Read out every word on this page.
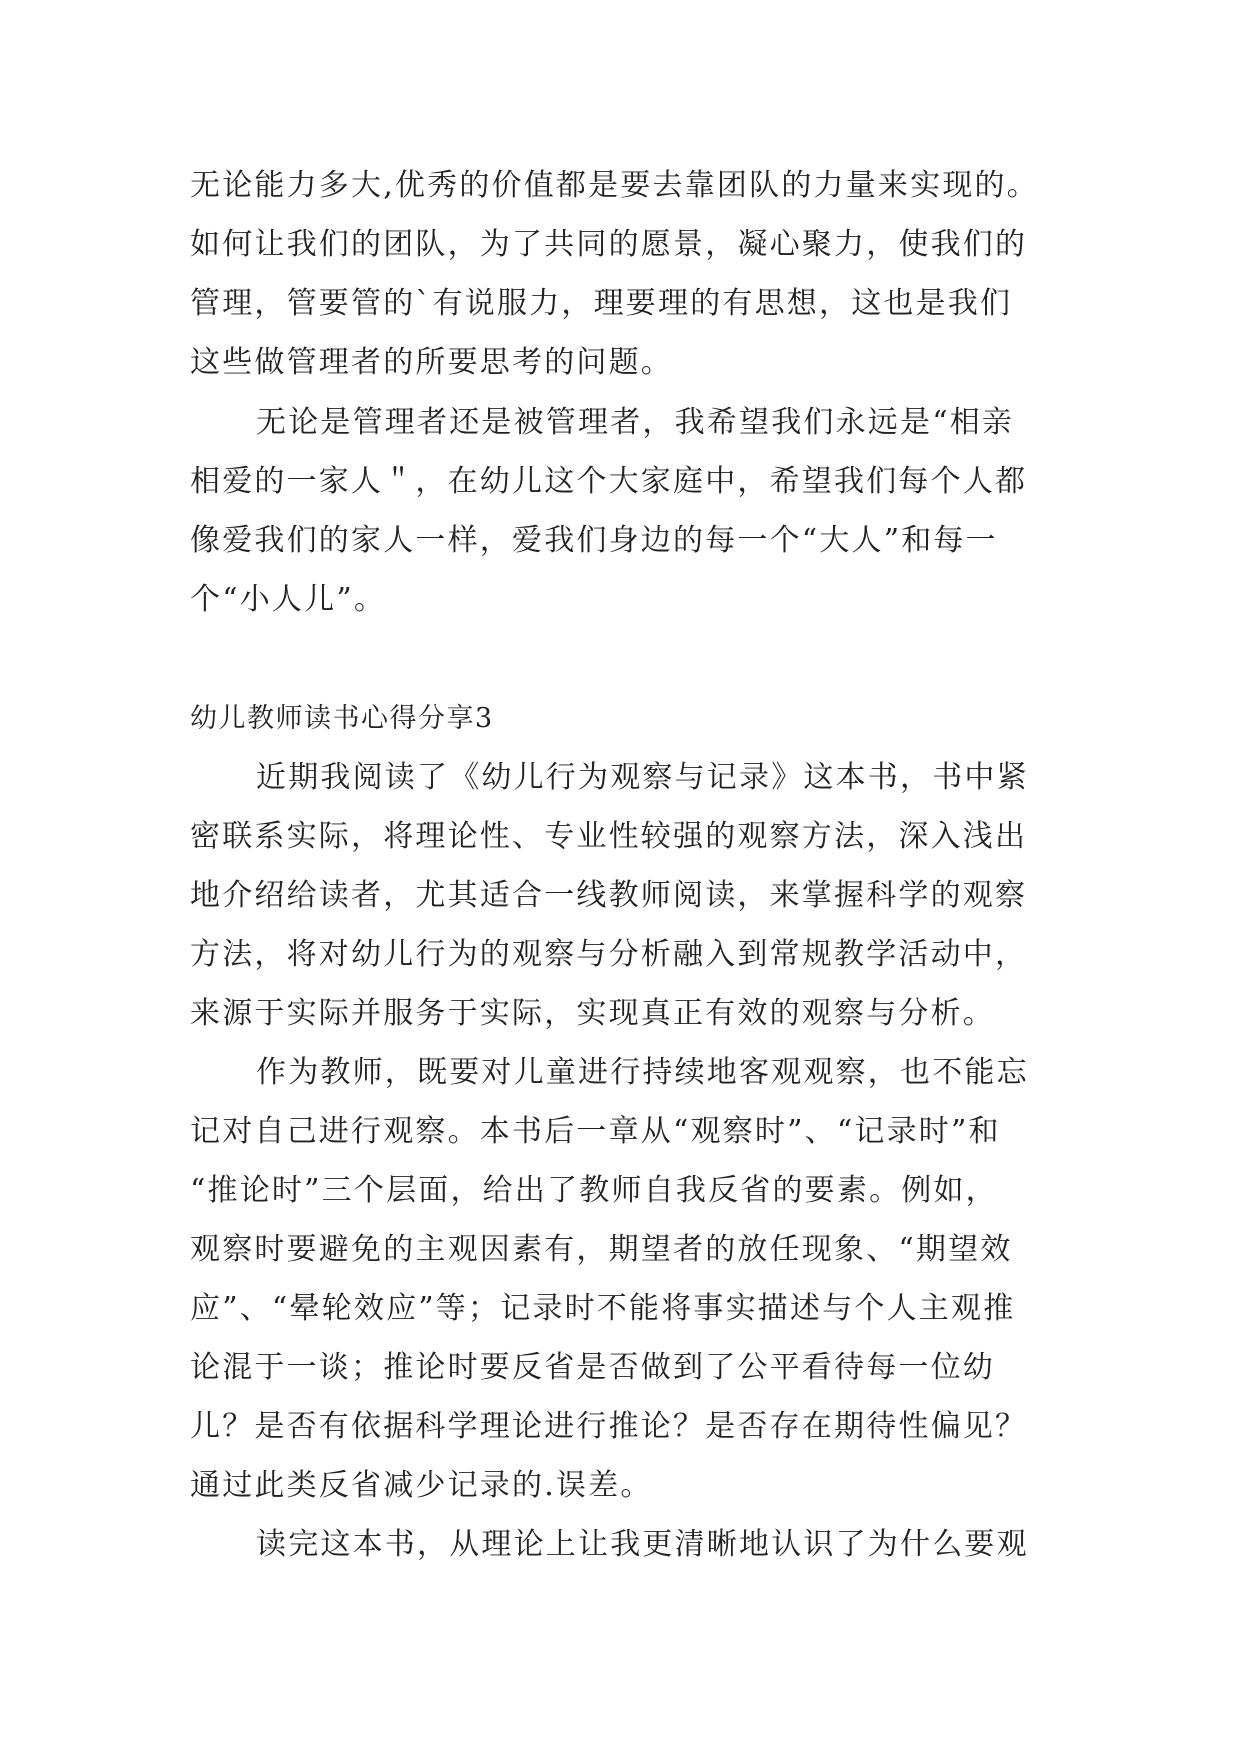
无论能力多大,优秀的价值都是要去靠团队的力量来实现的。
如何让我们的团队，为了共同的愿景，凝心聚力，使我们的
管理，管要管的`有说服力，理要理的有思想，这也是我们
这些做管理者的所要思考的问题。
无论是管理者还是被管理者，我希望我们永远是“相亲
相爱的一家人＂，在幼儿这个大家庭中，希望我们每个人都
像爱我们的家人一样，爱我们身边的每一个“大人”和每一
个“小人儿”。
幼儿教师读书心得分享3
近期我阅读了《幼儿行为观察与记录》这本书，书中紧
密联系实际，将理论性、专业性较强的观察方法，深入浅出
地介绍给读者，尤其适合一线教师阅读，来掌握科学的观察
方法，将对幼儿行为的观察与分析融入到常规教学活动中，
来源于实际并服务于实际，实现真正有效的观察与分析。
作为教师，既要对儿童进行持续地客观观察，也不能忘
记对自己进行观察。本书后一章从“观察时”、“记录时”和
“推论时”三个层面，给出了教师自我反省的要素。例如，
观察时要避免的主观因素有，期望者的放任现象、“期望效
应”、“晕轮效应”等；记录时不能将事实描述与个人主观推
论混于一谈；推论时要反省是否做到了公平看待每一位幼
儿？是否有依据科学理论进行推论？是否存在期待性偏见？
通过此类反省减少记录的.误差。
读完这本书，从理论上让我更清晰地认识了为什么要观
